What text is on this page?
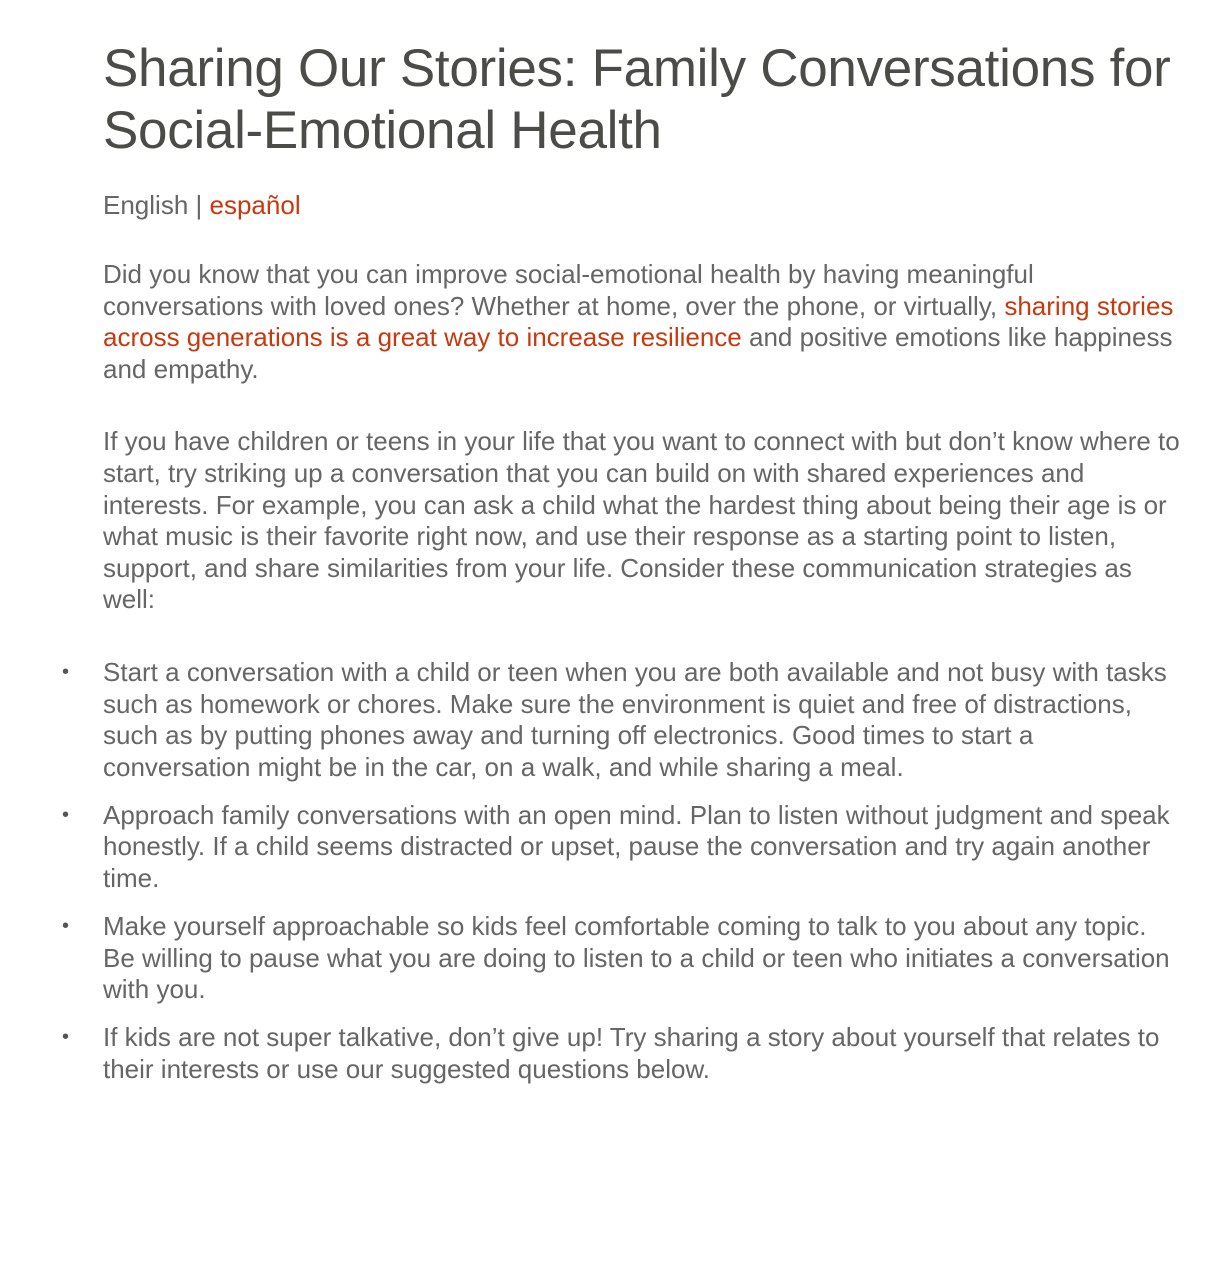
Sharing Our Stories: Family Conversations for Social-Emotional Health
English | español

Did you know that you can improve social-emotional health by having meaningful conversations with loved ones? Whether at home, over the phone, or virtually, sharing stories across generations is a great way to increase resilience and positive emotions like happiness and empathy.

If you have children or teens in your life that you want to connect with but don’t know where to start, try striking up a conversation that you can build on with shared experiences and interests. For example, you can ask a child what the hardest thing about being their age is or what music is their favorite right now, and use their response as a starting point to listen, support, and share similarities from your life. Consider these communication strategies as well:

• Start a conversation with a child or teen when you are both available and not busy with tasks such as homework or chores. Make sure the environment is quiet and free of distractions, such as by putting phones away and turning off electronics. Good times to start a conversation might be in the car, on a walk, and while sharing a meal.
• Approach family conversations with an open mind. Plan to listen without judgment and speak honestly. If a child seems distracted or upset, pause the conversation and try again another time.
• Make yourself approachable so kids feel comfortable coming to talk to you about any topic. Be willing to pause what you are doing to listen to a child or teen who initiates a conversation with you.
• If kids are not super talkative, don’t give up! Try sharing a story about yourself that relates to their interests or use our suggested questions below.
